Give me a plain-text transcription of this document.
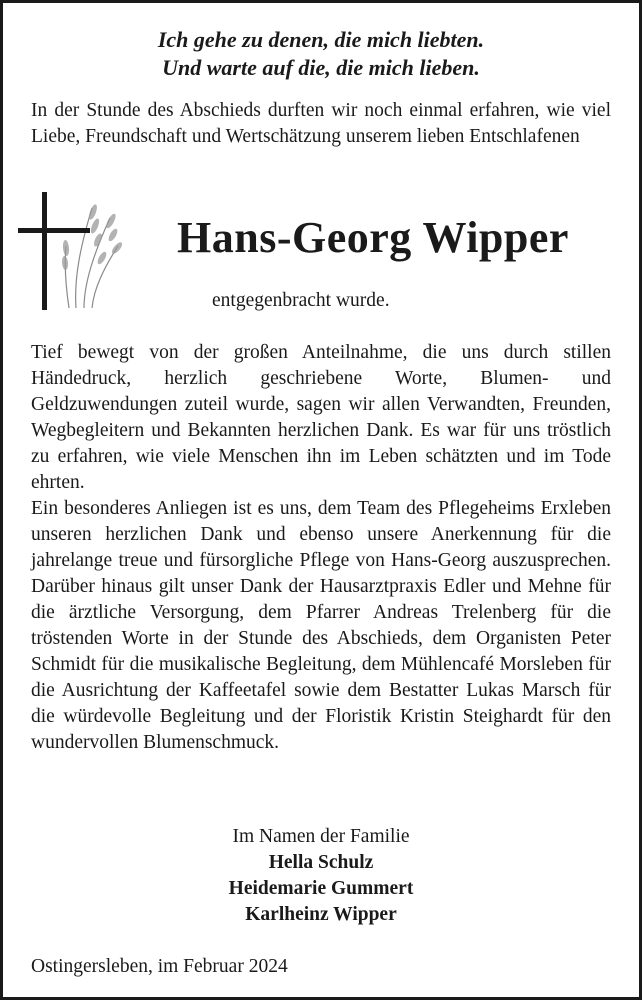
Ich gehe zu denen, die mich liebten.
Und warte auf die, die mich lieben.
In der Stunde des Abschieds durften wir noch einmal erfahren, wie viel Liebe, Freundschaft und Wertschätzung unserem lieben Entschlafenen
Hans-Georg Wipper
entgegenbracht wurde.

Tief bewegt von der großen Anteilnahme, die uns durch stillen Händedruck, herzlich geschriebene Worte, Blumen- und Geldzuwendungen zuteil wurde, sagen wir allen Verwandten, Freunden, Wegbegleitern und Bekannten herzlichen Dank. Es war für uns tröstlich zu erfahren, wie viele Menschen ihn im Leben schätzten und im Tode ehrten.

Ein besonderes Anliegen ist es uns, dem Team des Pflegeheims Erxleben unseren herzlichen Dank und ebenso unsere Anerkennung für die jahrelange treue und fürsorgliche Pflege von Hans-Georg auszusprechen. Darüber hinaus gilt unser Dank der Hausarztpraxis Edler und Mehne für die ärztliche Versorgung, dem Pfarrer Andreas Trelenberg für die tröstenden Worte in der Stunde des Abschieds, dem Organisten Peter Schmidt für die musikalische Begleitung, dem Mühlencafé Morsleben für die Ausrichtung der Kaffeetafel sowie dem Bestatter Lukas Marsch für die würdevolle Begleitung und der Floristik Kristin Steighardt für den wundervollen Blumenschmuck.

Im Namen der Familie
Hella Schulz
Heidemarie Gummert
Karlheinz Wipper
Ostingersleben, im Februar 2024
